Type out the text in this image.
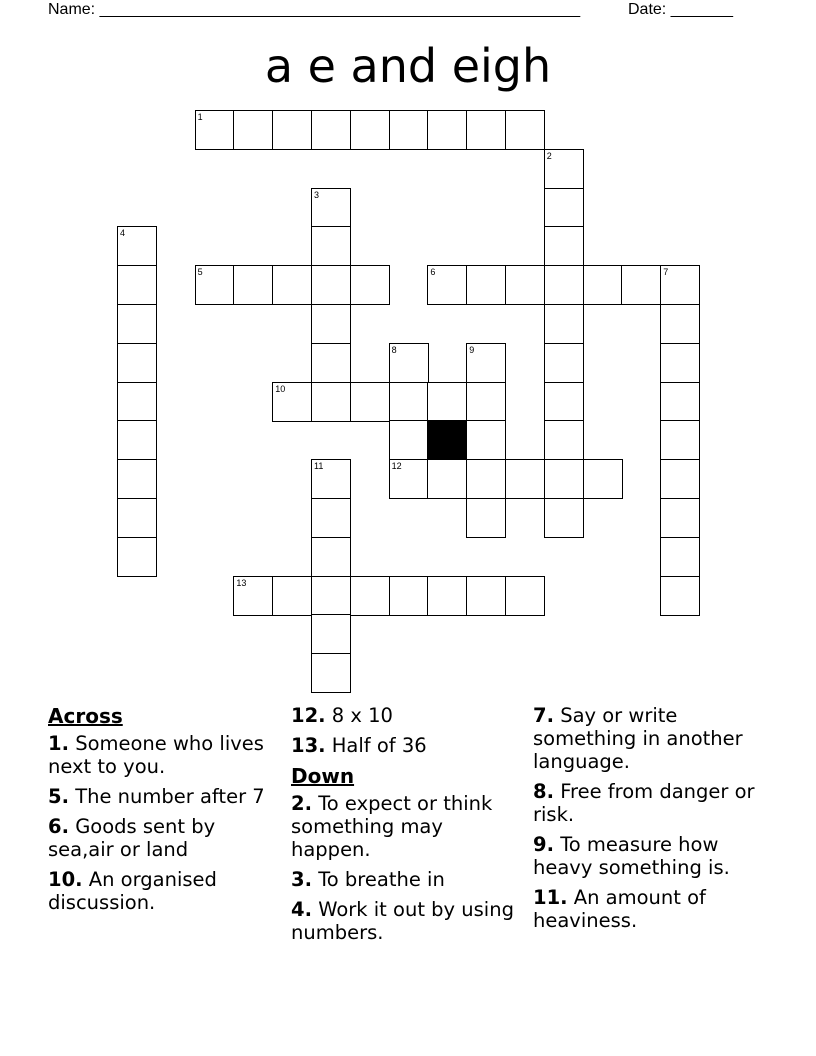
Name: ______________________________________________________	Date: _______
a e and eigh
1
2
3
4
5	6	7
8
12
9
10
11
13
Across
1. Someone who lives next to you.
5. The number after 7
6. Goods sent by sea,air or land
10. An organised discussion.
12. 8 x 10
13. Half of 36
Down
2. To expect or think something may happen.
3. To breathe in
4. Work it out by using numbers.
7. Say or write something in another language.
8. Free from danger or risk.
9. To measure how heavy something is.
11. An amount of heaviness.
